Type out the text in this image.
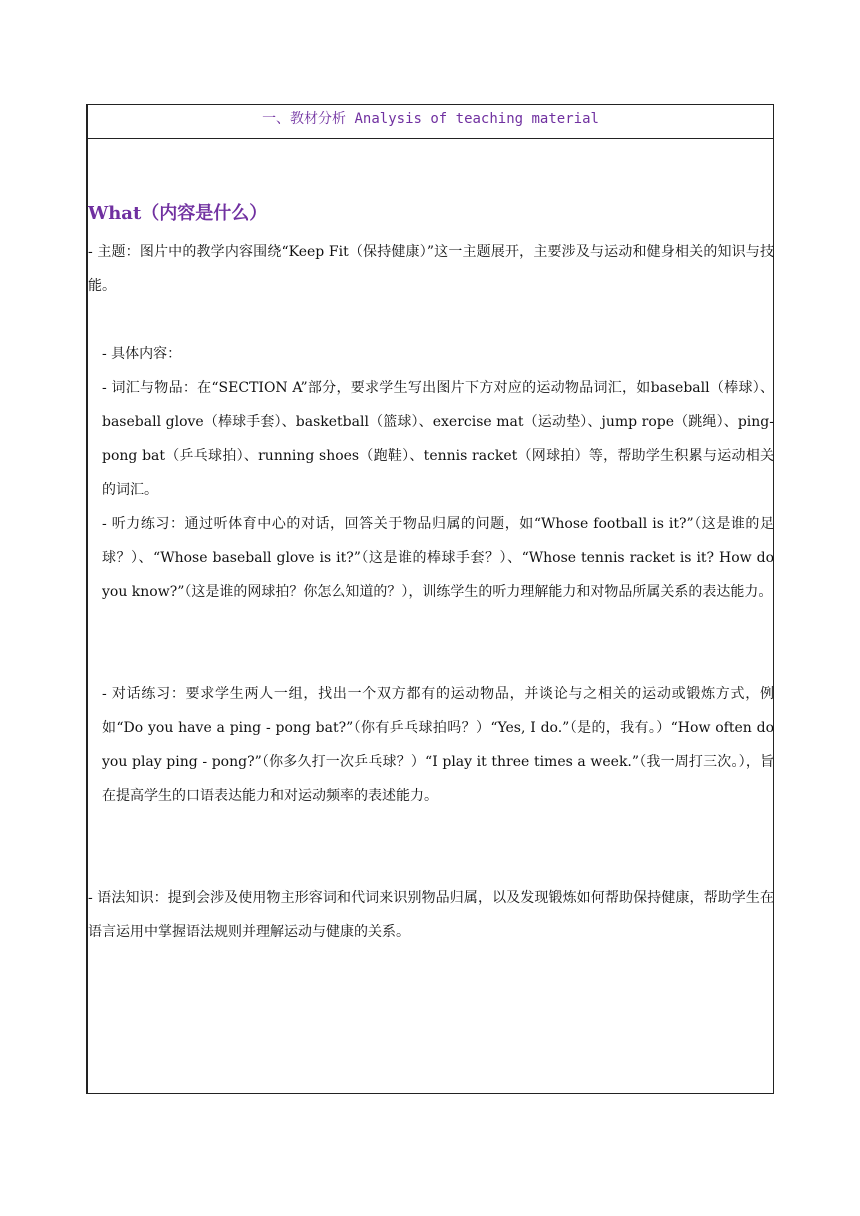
一、教材分析 Analysis of teaching material
What（内容是什么）
- 主题：图片中的教学内容围绕“Keep Fit（保持健康）”这一主题展开，主要涉及与运动和健身相关的知识与技能。
- 具体内容：
- 词汇与物品：在“SECTION A”部分，要求学生写出图片下方对应的运动物品词汇，如baseball（棒球）、baseball glove（棒球手套）、basketball（篮球）、exercise mat（运动垫）、jump rope（跳绳）、ping-pong bat（乒乓球拍）、running shoes（跑鞋）、tennis racket（网球拍）等，帮助学生积累与运动相关的词汇。
- 听力练习：通过听体育中心的对话，回答关于物品归属的问题，如“Whose football is it?”（这是谁的足球？）、“Whose baseball glove is it?”（这是谁的棒球手套？）、“Whose tennis racket is it? How do you know?”（这是谁的网球拍？你怎么知道的？），训练学生的听力理解能力和对物品所属关系的表达能力。
- 对话练习：要求学生两人一组，找出一个双方都有的运动物品，并谈论与之相关的运动或锻炼方式，例如“Do you have a ping - pong bat?”（你有乒乓球拍吗？）“Yes, I do.”（是的，我有。）“How often do you play ping - pong?”（你多久打一次乒乓球？）“I play it three times a week.”（我一周打三次。），旨在提高学生的口语表达能力和对运动频率的表述能力。
- 语法知识：提到会涉及使用物主形容词和代词来识别物品归属，以及发现锻炼如何帮助保持健康，帮助学生在语言运用中掌握语法规则并理解运动与健康的关系。
